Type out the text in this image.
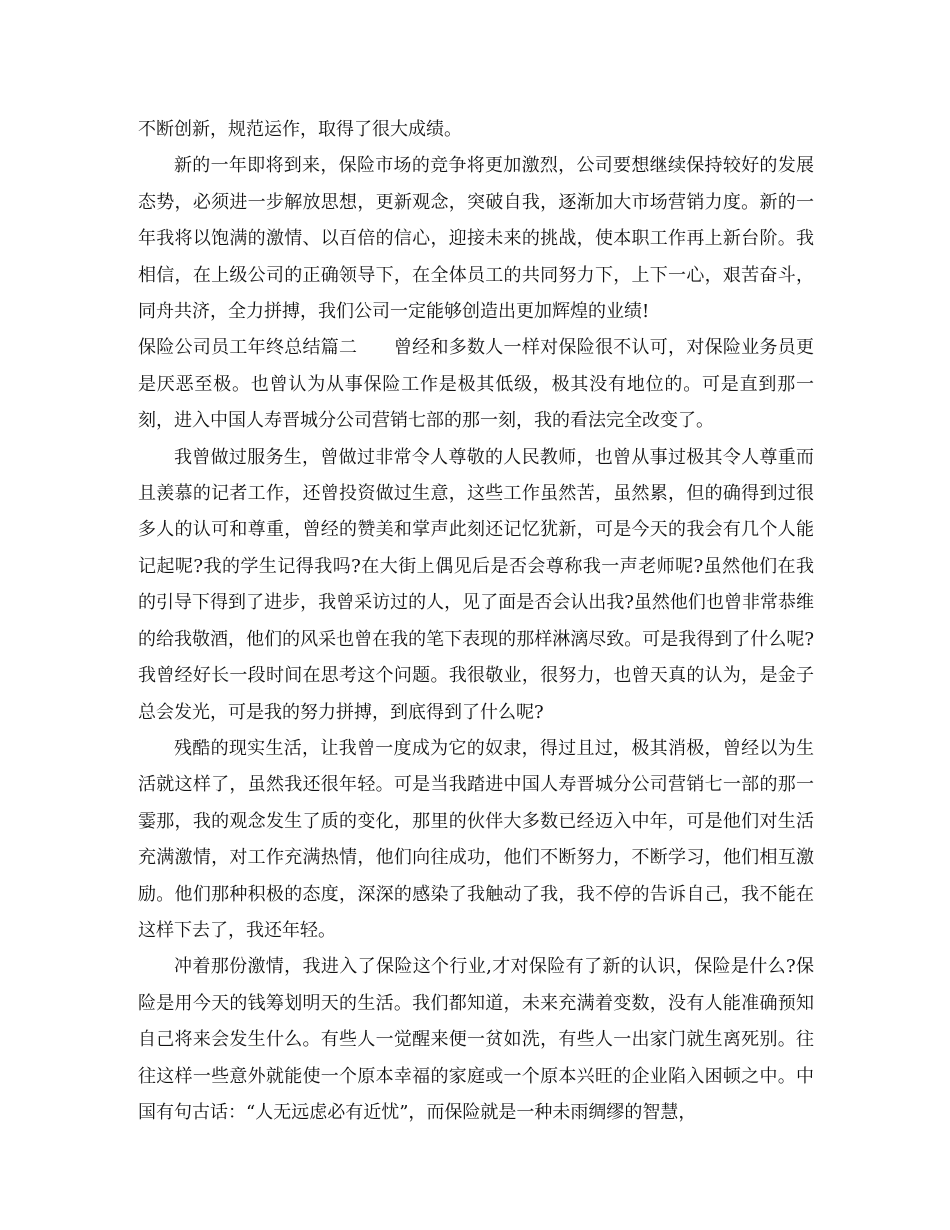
不断创新，规范运作，取得了很大成绩。

新的一年即将到来，保险市场的竞争将更加激烈，公司要想继续保持较好的发展态势，必须进一步解放思想，更新观念，突破自我，逐渐加大市场营销力度。新的一年我将以饱满的激情、以百倍的信心，迎接未来的挑战，使本职工作再上新台阶。我相信，在上级公司的正确领导下，在全体员工的共同努力下，上下一心，艰苦奋斗，同舟共济，全力拼搏，我们公司一定能够创造出更加辉煌的业绩!

保险公司员工年终总结篇二　　曾经和多数人一样对保险很不认可，对保险业务员更是厌恶至极。也曾认为从事保险工作是极其低级，极其没有地位的。可是直到那一刻，进入中国人寿晋城分公司营销七部的那一刻，我的看法完全改变了。

我曾做过服务生，曾做过非常令人尊敬的人民教师，也曾从事过极其令人尊重而且羡慕的记者工作，还曾投资做过生意，这些工作虽然苦，虽然累，但的确得到过很多人的认可和尊重，曾经的赞美和掌声此刻还记忆犹新，可是今天的我会有几个人能记起呢?我的学生记得我吗?在大街上偶见后是否会尊称我一声老师呢?虽然他们在我的引导下得到了进步，我曾采访过的人，见了面是否会认出我?虽然他们也曾非常恭维的给我敬酒，他们的风采也曾在我的笔下表现的那样淋漓尽致。可是我得到了什么呢?我曾经好长一段时间在思考这个问题。我很敬业，很努力，也曾天真的认为，是金子总会发光，可是我的努力拼搏，到底得到了什么呢?

残酷的现实生活，让我曾一度成为它的奴隶，得过且过，极其消极，曾经以为生活就这样了，虽然我还很年轻。可是当我踏进中国人寿晋城分公司营销七一部的那一霎那，我的观念发生了质的变化，那里的伙伴大多数已经迈入中年，可是他们对生活充满激情，对工作充满热情，他们向往成功，他们不断努力，不断学习，他们相互激励。他们那种积极的态度，深深的感染了我触动了我，我不停的告诉自己，我不能在这样下去了，我还年轻。

冲着那份激情，我进入了保险这个行业,才对保险有了新的认识，保险是什么?保险是用今天的钱筹划明天的生活。我们都知道，未来充满着变数，没有人能准确预知自己将来会发生什么。有些人一觉醒来便一贫如洗，有些人一出家门就生离死别。往往这样一些意外就能使一个原本幸福的家庭或一个原本兴旺的企业陷入困顿之中。中国有句古话：“人无远虑必有近忧”，而保险就是一种未雨绸缪的智慧，
